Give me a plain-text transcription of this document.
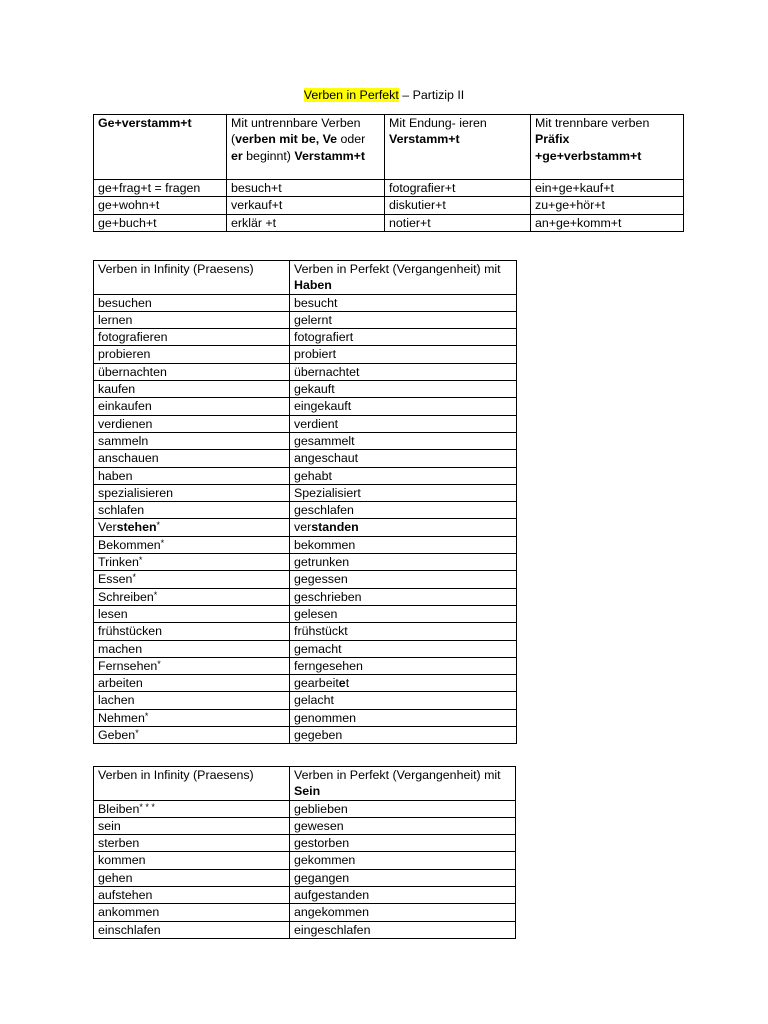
Verben in Perfekt – Partizip II
Ge+verstamm+t	Mit untrennbare Verben (verben mit be, Ve oder er beginnt) Verstamm+t	Mit Endung- ieren Verstamm+t	Mit trennbare verben Präfix +ge+verbstamm+t
ge+frag+t = fragen	besuch+t	fotografier+t	ein+ge+kauf+t
ge+wohn+t	verkauf+t	diskutier+t	zu+ge+hör+t
ge+buch+t	erklär +t	notier+t	an+ge+komm+t
Verben in Infinity (Praesens)	Verben in Perfekt (Vergangenheit) mit Haben
besuchen	besucht
lernen	gelernt
fotografieren	fotografiert
probieren	probiert
übernachten	übernachtet
kaufen	gekauft
einkaufen	eingekauft
verdienen	verdient
sammeln	gesammelt
anschauen	angeschaut
haben	gehabt
spezialisieren	Spezialisiert
schlafen	geschlafen
Verstehen*	verstanden
Bekommen*	bekommen
Trinken*	getrunken
Essen*	gegessen
Schreiben*	geschrieben
lesen	gelesen
frühstücken	frühstückt
machen	gemacht
Fernsehen*	ferngesehen
arbeiten	gearbeitet
lachen	gelacht
Nehmen*	genommen
Geben*	gegeben
Verben in Infinity (Praesens)	Verben in Perfekt (Vergangenheit) mit Sein
Bleiben* * *	geblieben
sein	gewesen
sterben	gestorben
kommen	gekommen
gehen	gegangen
aufstehen	aufgestanden
ankommen	angekommen
einschlafen	eingeschlafen
